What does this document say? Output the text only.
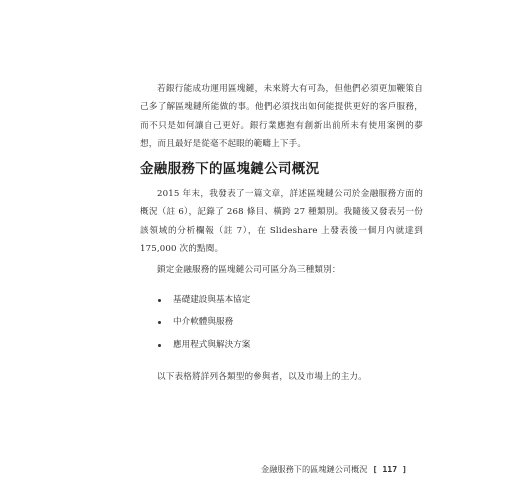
若銀行能成功運用區塊鏈，未來將大有可為，但他們必須更加鞭策自己多了解區塊鏈所能做的事。他們必須找出如何能提供更好的客戶服務，而不只是如何讓自己更好。銀行業應抱有創新出前所未有使用案例的夢想，而且最好是從毫不起眼的範疇上下手。

金融服務下的區塊鏈公司概況

2015 年末，我發表了一篇文章，詳述區塊鏈公司於金融服務方面的概況（註 6），記錄了 268 條目、橫跨 27 種類別。我隨後又發表另一份該領域的分析欄報（註 7），在 Slideshare 上發表後一個月內就達到 175,000 次的點閱。

鎖定金融服務的區塊鏈公司可區分為三種類別：

基礎建設與基本協定
中介軟體與服務
應用程式與解決方案

以下表格將詳列各類型的參與者，以及市場上的主力。

金融服務下的區塊鏈公司概況 [ 117 ]
